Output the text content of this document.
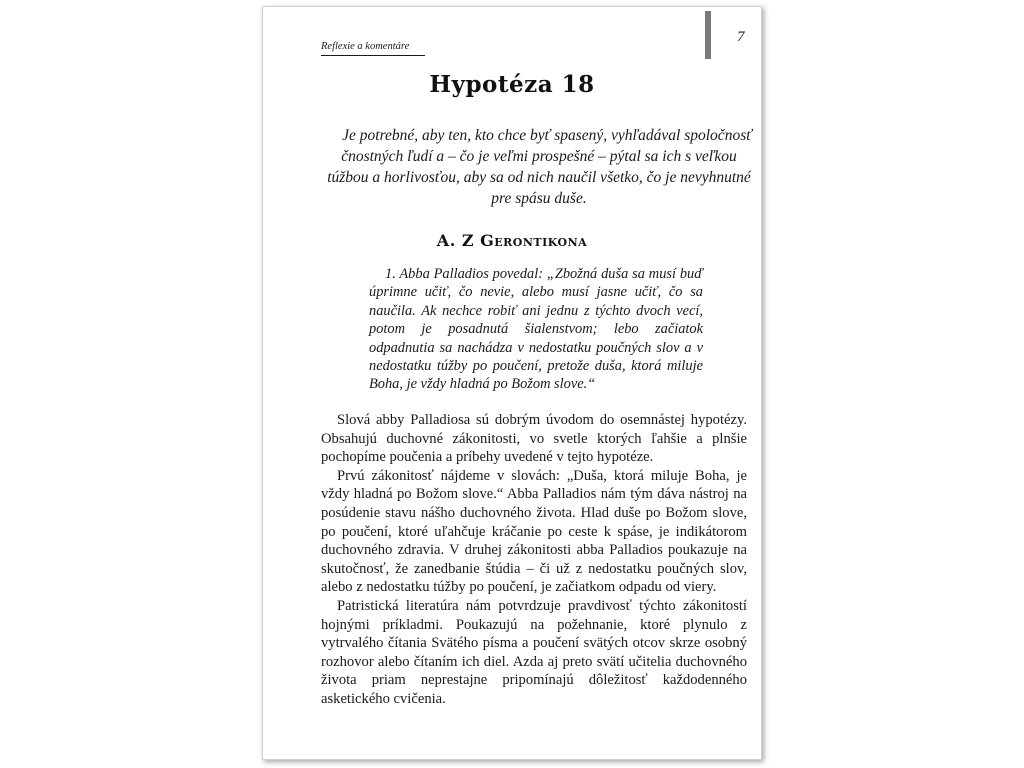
Reflexie a komentáre
7
Hypotéza 18
Je potrebné, aby ten, kto chce byť spasený, vyhľadával spoločnosť čnostných ľudí a – čo je veľmi prospešné – pýtal sa ich s veľkou túžbou a horlivosťou, aby sa od nich naučil všetko, čo je nevyhnutné pre spásu duše.
A. Z Gerontikona
1. Abba Palladios povedal: „Zbožná duša sa musí buď úprimne učiť, čo nevie, alebo musí jasne učiť, čo sa naučila. Ak nechce robiť ani jednu z týchto dvoch vecí, potom je posadnutá šialenstvom; lebo začiatok odpadnutia sa nachádza v nedostatku poučných slov a v nedostatku túžby po poučení, pretože duša, ktorá miluje Boha, je vždy hladná po Božom slove.“

Slová abby Palladiosa sú dobrým úvodom do osemnástej hypotézy. Obsahujú duchovné zákonitosti, vo svetle ktorých ľahšie a plnšie pochopíme poučenia a príbehy uvedené v tejto hypotéze.

Prvú zákonitosť nájdeme v slovách: „Duša, ktorá miluje Boha, je vždy hladná po Božom slove.“ Abba Palladios nám tým dáva nástroj na posúdenie stavu nášho duchovného života. Hlad duše po Božom slove, po poučení, ktoré uľahčuje kráčanie po ceste k spáse, je indikátorom duchovného zdravia. V druhej zákonitosti abba Palladios poukazuje na skutočnosť, že zanedbanie štúdia – či už z nedostatku poučných slov, alebo z nedostatku túžby po poučení, je začiatkom odpadu od viery.

Patristická literatúra nám potvrdzuje pravdivosť týchto zákonitostí hojnými príkladmi. Poukazujú na požehnanie, ktoré plynulo z vytrvalého čítania Svätého písma a poučení svätých otcov skrze osobný rozhovor alebo čítaním ich diel. Azda aj preto svätí učitelia duchovného života priam neprestajne pripomínajú dôležitosť každodenného asketického cvičenia.
